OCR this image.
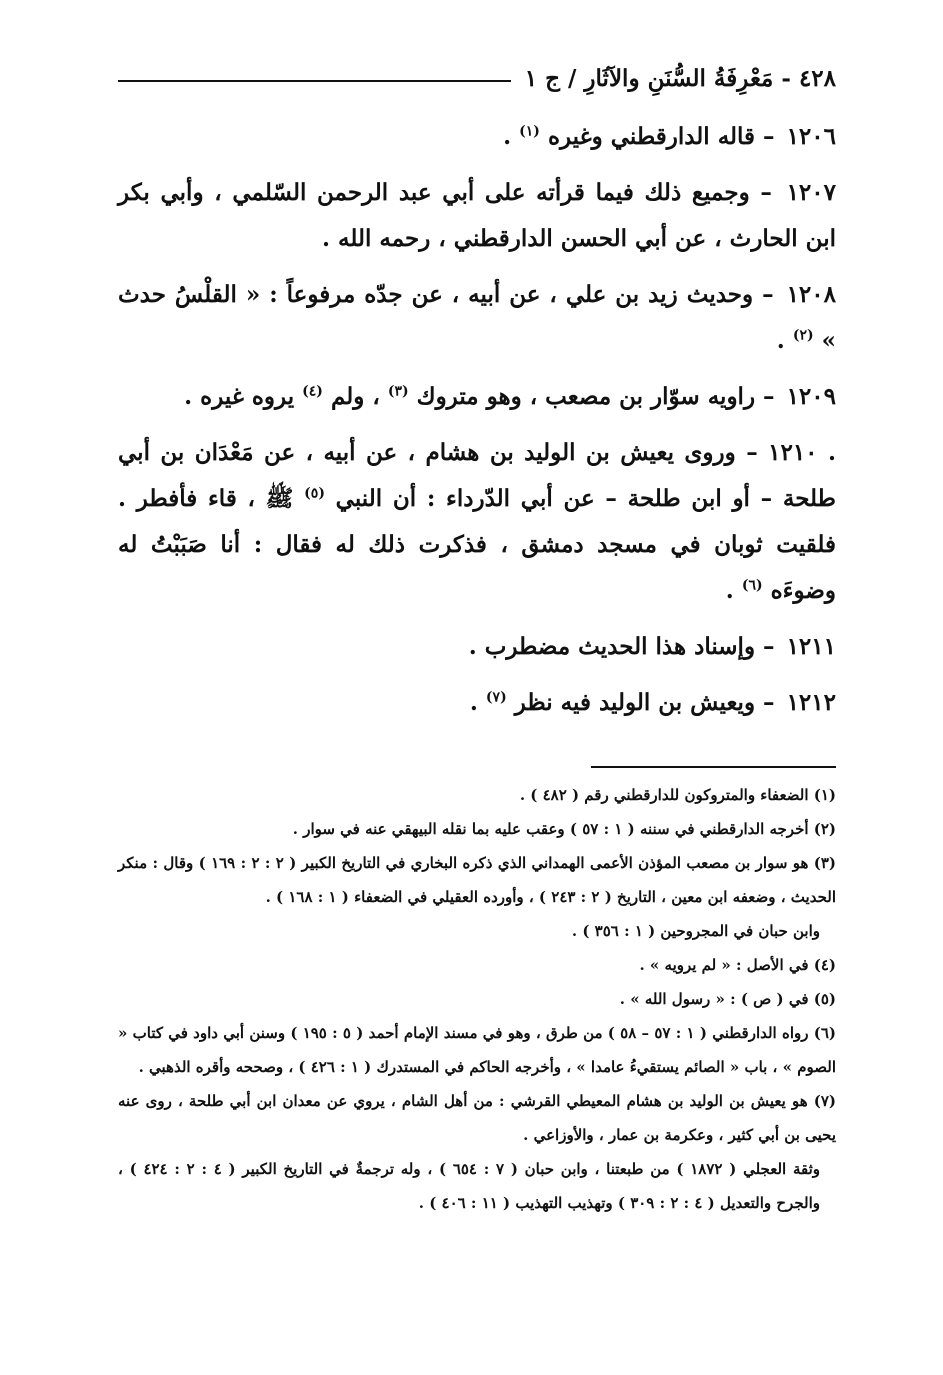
٤٢٨ - مَعْرِفَةُ السُّنَنِ والآثَارِ / ج ١

١٢٠٦ – قاله الدارقطني وغيره $^{(١)}$ .

١٢٠٧ – وجميع ذلك فيما قرأته على أبي عبد الرحمن السّلمي ، وأبي بكر ابن الحارث ، عن أبي الحسن الدارقطني ، رحمه الله .

١٢٠٨ – وحديث زيد بن علي ، عن أبيه ، عن جدّه مرفوعاً : « القلْسُ حدث » $^{(٢)}$ .

١٢٠٩ – راويه سوّار بن مصعب ، وهو متروك $^{(٣)}$ ، ولم $^{(٤)}$ يروه غيره .

. ١٢١٠ – وروى يعيش بن الوليد بن هشام ، عن أبيه ، عن مَعْدَان بن أبي طلحة – أو ابن طلحة – عن أبي الدّرداء : أن النبي $^{(٥)}$ ﷺ ، قاء فأفطر . فلقيت ثوبان في مسجد دمشق ، فذكرت ذلك له فقال : أنا صَبَبْتُ له وضوءَه $^{(٦)}$ .

١٢١١ – وإسناد هذا الحديث مضطرب .

١٢١٢ – ويعيش بن الوليد فيه نظر $^{(٧)}$ .

(١) الضعفاء والمتروكون للدارقطني رقم ( ٤٨٢ ) .

(٢) أخرجه الدارقطني في سننه ( ١ : ٥٧ ) وعقب عليه بما نقله البيهقي عنه في سوار .

(٣) هو سوار بن مصعب المؤذن الأعمى الهمداني الذي ذكره البخاري في التاريخ الكبير ( ٢ : ٢ : ١٦٩ ) وقال : منكر الحديث ، وضعفه ابن معين ، التاريخ ( ٢ : ٢٤٣ ) ، وأورده العقيلي في الضعفاء ( ١ : ١٦٨ ) .

وابن حبان في المجروحين ( ١ : ٣٥٦ ) .

(٤) في الأصل : « لم يرويه » .

(٥) في ( ص ) : « رسول الله » .

(٦) رواه الدارقطني ( ١ : ٥٧ – ٥٨ ) من طرق ، وهو في مسند الإمام أحمد ( ٥ : ١٩٥ ) وسنن أبي داود في كتاب « الصوم » ، باب « الصائم يستقيءُ عامدا » ، وأخرجه الحاكم في المستدرك ( ١ : ٤٢٦ ) ، وصححه وأقره الذهبي .

(٧) هو يعيش بن الوليد بن هشام المعيطي القرشي : من أهل الشام ، يروي عن معدان ابن أبي طلحة ، روى عنه يحيى بن أبي كثير ، وعكرمة بن عمار ، والأوزاعي .

وثقة العجلي ( ١٨٧٢ ) من طبعتنا ، وابن حبان ( ٧ : ٦٥٤ ) ، وله ترجمةٌ في التاريخ الكبير ( ٤ : ٢ : ٤٢٤ ) ، والجرح والتعديل ( ٤ : ٢ : ٣٠٩ ) وتهذيب التهذيب ( ١١ : ٤٠٦ ) .
